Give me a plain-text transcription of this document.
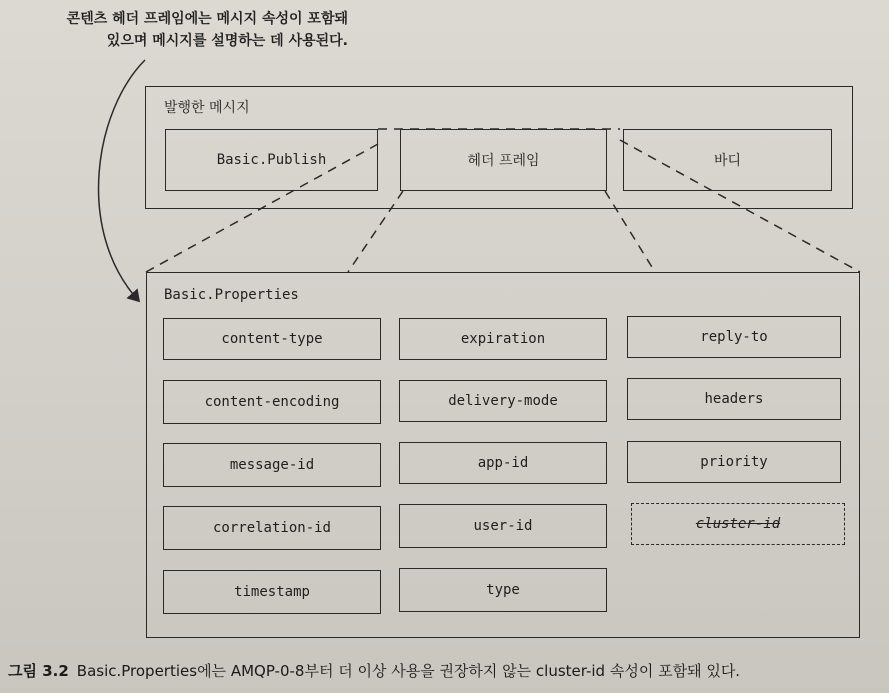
콘텐츠 헤더 프레임에는 메시지 속성이 포함돼
있으며 메시지를 설명하는 데 사용된다.
발행한 메시지
Basic.Publish	헤더 프레임	바디
Basic.Properties
content-type	expiration	reply-to
content-encoding	delivery-mode	headers
message-id	app-id	priority
correlation-id	user-id	cluster-id
timestamp	type
그림 3.2 Basic.Properties에는 AMQP-0-8부터 더 이상 사용을 권장하지 않는 cluster-id 속성이 포함돼 있다.
